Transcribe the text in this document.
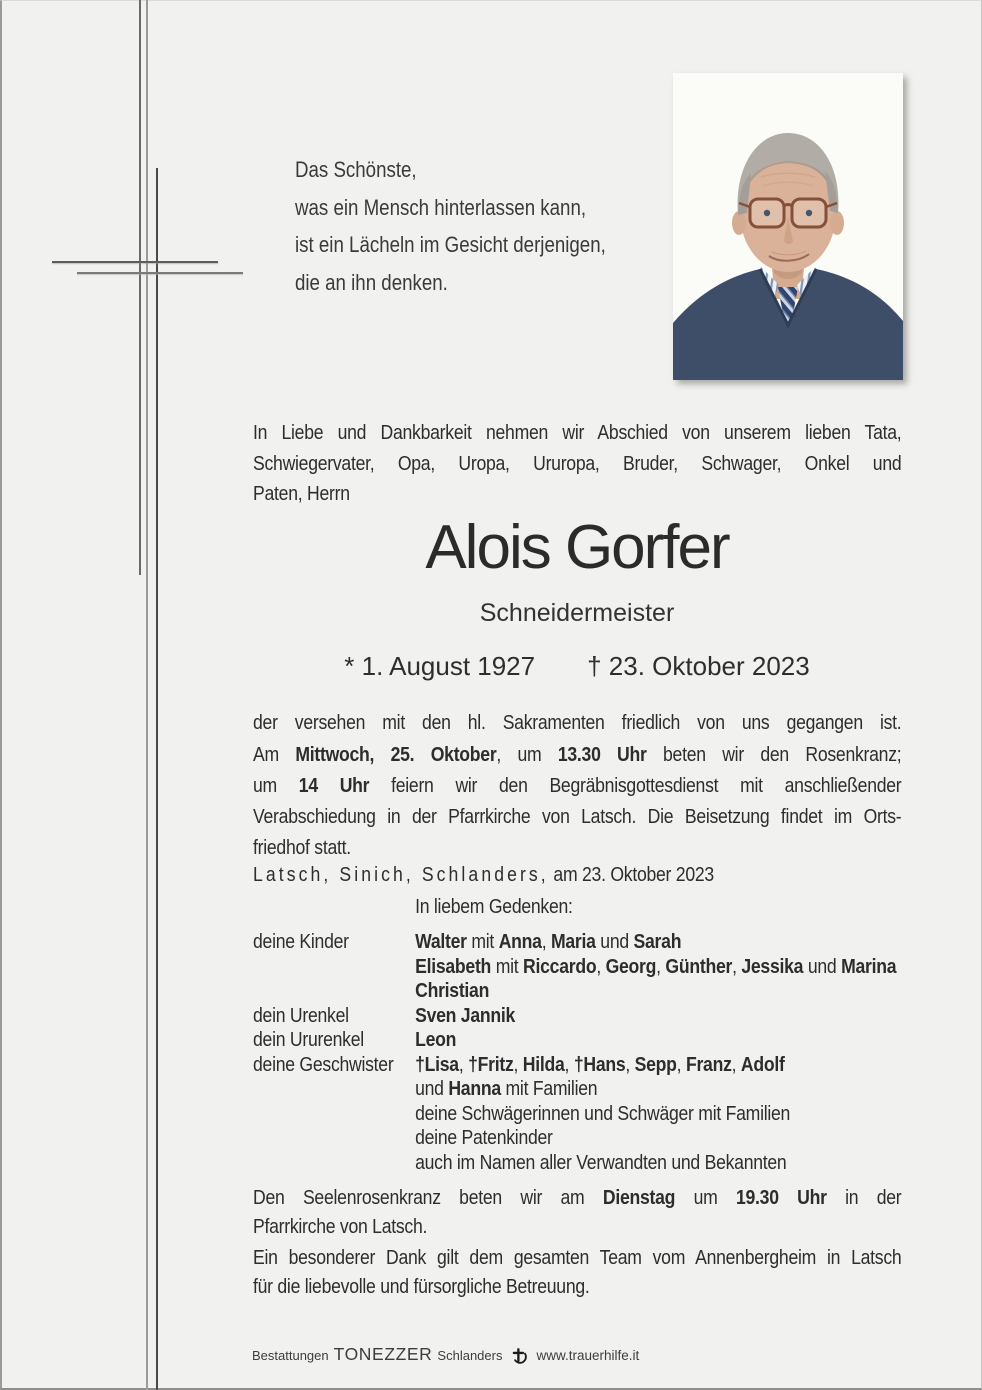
Das Schönste,
was ein Mensch hinterlassen kann,
ist ein Lächeln im Gesicht derjenigen,
die an ihn denken.
In Liebe und Dankbarkeit nehmen wir Abschied von unserem lieben Tata,
Schwiegervater, Opa, Uropa, Ururopa, Bruder, Schwager, Onkel und
Paten, Herrn
der versehen mit den hl. Sakramenten friedlich von uns gegangen ist.
Am Mittwoch, 25. Oktober, um 13.30 Uhr beten wir den Rosenkranz;
um 14 Uhr feiern wir den Begräbnisgottesdienst mit anschließender
Verabschiedung in der Pfarrkirche von Latsch. Die Beisetzung findet im Orts-
friedhof statt.
Latsch, Sinich, Schlanders, am 23. Oktober 2023
In liebem Gedenken:
deine Kinder	Walter mit Anna, Maria und Sarah
Elisabeth mit Riccardo, Georg, Günther, Jessika und Marina
Christian
dein Urenkel	Sven Jannik
dein Ururenkel	Leon
deine Geschwister	†Lisa, †Fritz, Hilda, †Hans, Sepp, Franz, Adolf
und Hanna mit Familien
deine Schwägerinnen und Schwäger mit Familien
deine Patenkinder
auch im Namen aller Verwandten und Bekannten
Den Seelenrosenkranz beten wir am Dienstag um 19.30 Uhr in der
Pfarrkirche von Latsch.
Ein besonderer Dank gilt dem gesamten Team vom Annenbergheim in Latsch
für die liebevolle und fürsorgliche Betreuung.
Alois Gorfer
Schneidermeister
* 1. August 1927 † 23. Oktober 2023
Bestattungen TONEZZER Schlanders	www.trauerhilfe.it
